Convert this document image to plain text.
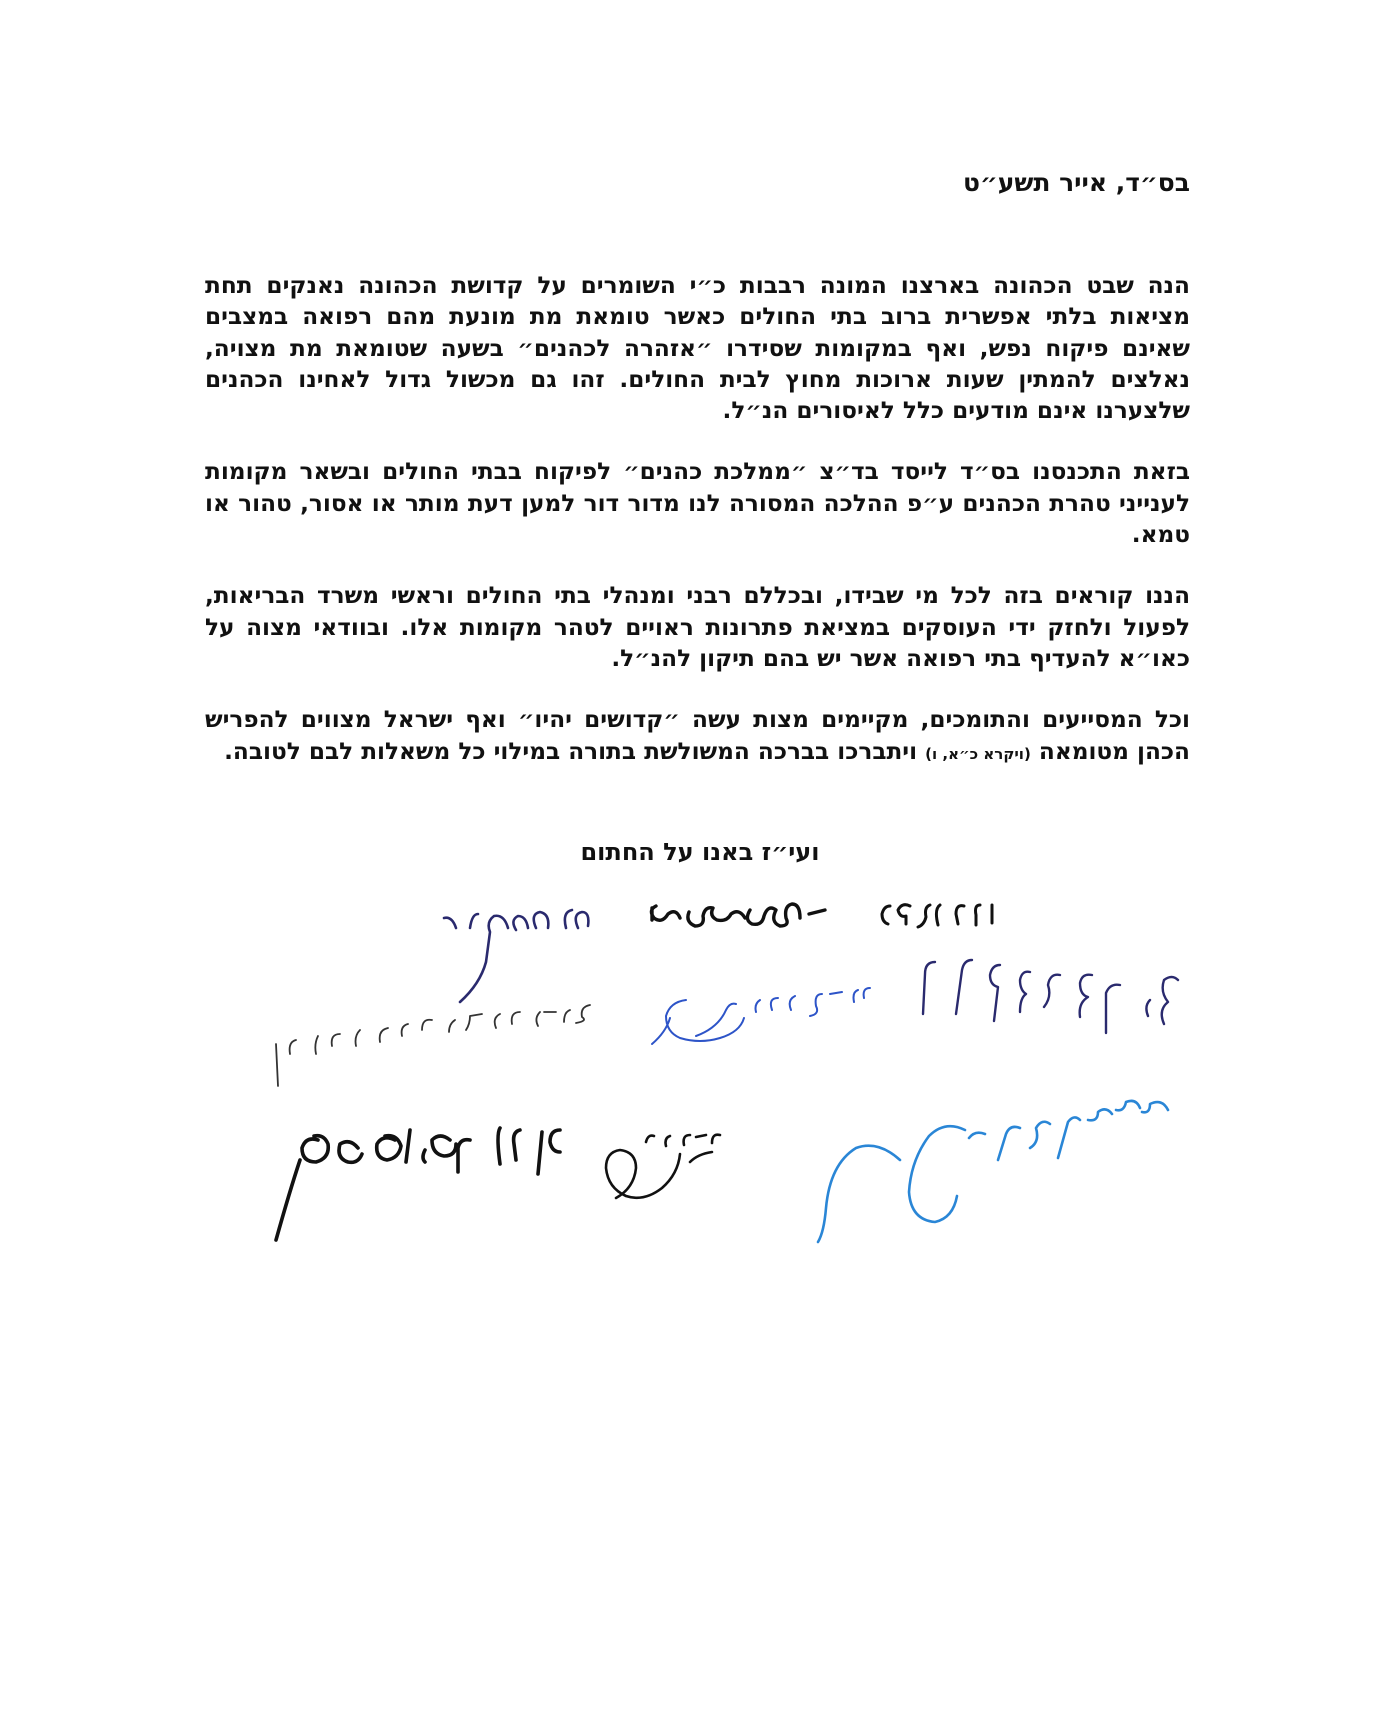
בס״ד, אייר תשע״ט

הנה שבט הכהונה בארצנו המונה רבבות כ״י השומרים על קדושת הכהונה נאנקים תחת מציאות בלתי אפשרית ברוב בתי החולים כאשר טומאת מת מונעת מהם רפואה במצבים שאינם פיקוח נפש, ואף במקומות שסידרו ״אזהרה לכהנים״ בשעה שטומאת מת מצויה, נאלצים להמתין שעות ארוכות מחוץ לבית החולים. זהו גם מכשול גדול לאחינו הכהנים שלצערנו אינם מודעים כלל לאיסורים הנ״ל.

בזאת התכנסנו בס״ד לייסד בד״צ ״ממלכת כהנים״ לפיקוח בבתי החולים ובשאר מקומות לענייני טהרת הכהנים ע״פ ההלכה המסורה לנו מדור דור למען דעת מותר או אסור, טהור או טמא.

הננו קוראים בזה לכל מי שבידו, ובכללם רבני ומנהלי בתי החולים וראשי משרד הבריאות, לפעול ולחזק ידי העוסקים במציאת פתרונות ראויים לטהר מקומות אלו. ובוודאי מצוה על כאו״א להעדיף בתי רפואה אשר יש בהם תיקון להנ״ל.

וכל המסייעים והתומכים, מקיימים מצות עשה ״קדושים יהיו״ ואף ישראל מצווים להפריש הכהן מטומאה (ויקרא כ״א, ו) ויתברכו בברכה המשולשת בתורה במילוי כל משאלות לבם לטובה.

ועי״ז באנו על החתום
